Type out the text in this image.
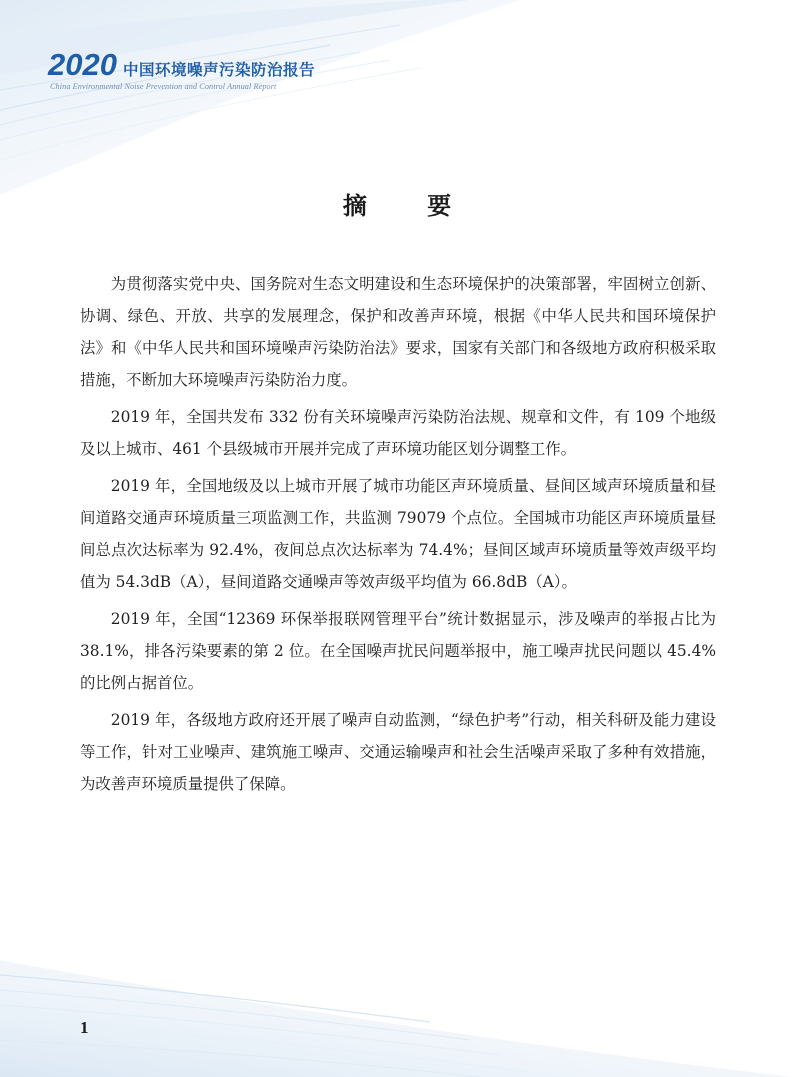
2020 中国环境噪声污染防治报告
China Environmental Noise Prevention and Control Annual Report
摘 要

为贯彻落实党中央、国务院对生态文明建设和生态环境保护的决策部署，牢固树立创新、协调、绿色、开放、共享的发展理念，保护和改善声环境，根据《中华人民共和国环境保护法》和《中华人民共和国环境噪声污染防治法》要求，国家有关部门和各级地方政府积极采取措施，不断加大环境噪声污染防治力度。

2019 年，全国共发布 332 份有关环境噪声污染防治法规、规章和文件，有 109 个地级及以上城市、461 个县级城市开展并完成了声环境功能区划分调整工作。

2019 年，全国地级及以上城市开展了城市功能区声环境质量、昼间区域声环境质量和昼间道路交通声环境质量三项监测工作，共监测 79079 个点位。全国城市功能区声环境质量昼间总点次达标率为 92.4%，夜间总点次达标率为 74.4%；昼间区域声环境质量等效声级平均值为 54.3dB（A），昼间道路交通噪声等效声级平均值为 66.8dB（A）。

2019 年，全国“12369 环保举报联网管理平台”统计数据显示，涉及噪声的举报占比为 38.1%，排各污染要素的第 2 位。在全国噪声扰民问题举报中，施工噪声扰民问题以 45.4% 的比例占据首位。

2019 年，各级地方政府还开展了噪声自动监测，“绿色护考”行动，相关科研及能力建设等工作，针对工业噪声、建筑施工噪声、交通运输噪声和社会生活噪声采取了多种有效措施，为改善声环境质量提供了保障。

1
